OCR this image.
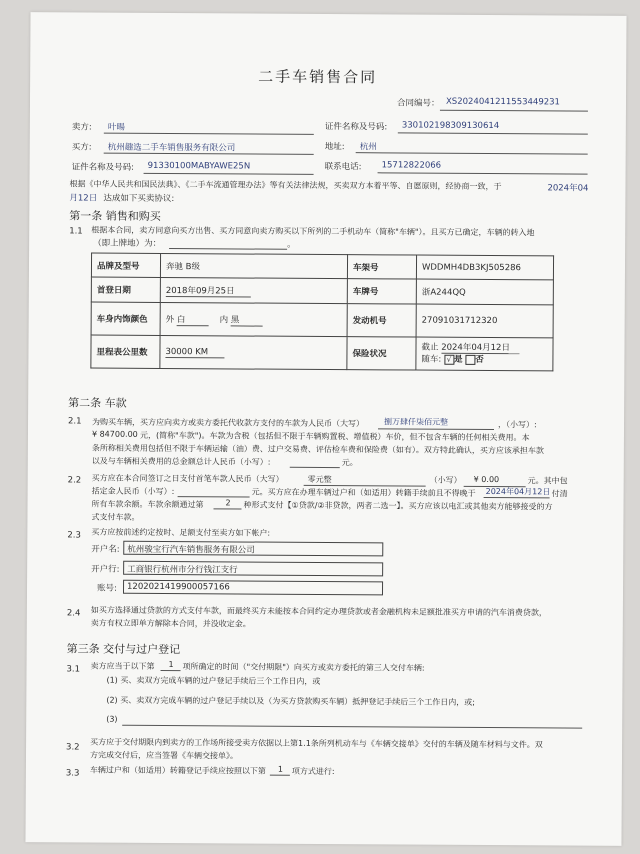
二手车销售合同
合同编号： XS2024041211553449231
卖方: 叶暘	证件名称及号码: 330102198309130614
买方: 杭州趣选二手车销售服务有限公司	地址: 杭州
证件名称及号码: 91330100MABYAWE25N	联系电话: 15712822066
根据《中华人民共和国民法典》、《二手车流通管理办法》等有关法律法规，买卖双方本着平等、自愿原则，经协商一致，于	2024年04
月12日 达成如下买卖协议:
第一条 销售和购买
1.1 根据本合同，卖方同意向买方出售、买方同意向卖方购买以下所列的二手机动车（简称"车辆"）。且买方已确定，车辆的转入地
（即上牌地）为：	。
品牌及型号	奔驰 B级	车架号	WDDMH4DB3KJ505286
首登日期	2018年09月25日	车牌号	浙A244QQ
车身内饰颜色	外 白 内 黑	发动机号	27091031712320
里程表公里数	30000 KM	保险状况	截止 2024年04月12日
随车: √ 是 否
第二条 车款
2.1 为购买车辆，买方应向卖方或卖方委托代收款方支付的车款为人民币（大写） 捌万肆仟柒佰元整	，（小写）:
¥ 84700.00 元，(简称"车款")。车款为含税（包括但不限于车辆购置税、增值税）车价，但不包含车辆的任何相关费用。本
条所称相关费用包括但不限于车辆运输（油）费、过户交易费、评估检车费和保险费（如有）。双方特此确认，买方应该承担车款
以及与车辆相关费用的总金额总计人民币（小写）:	元。
2.2 买方应在本合同签订之日支付首笔车款人民币（大写）	零元整	（小写） ¥ 0.00	元。其中包
括定金人民币（小写）:	元。买方应在办理车辆过户和（如适用）转籍手续前且不得晚于 2024年04月12日 付清
所有车款余额。车款余额通过第	2 种形式支付【①贷款/②非贷款，两者二选一】。买方应该以电汇或其他卖方能够接受的方
式支付车款。
2.3 买方应按前述约定按时、足额支付至卖方如下帐户:
开户名: 杭州骏宝行汽车销售服务有限公司
开户行: 工商银行杭州市分行钱江支行
账号: 1202021419900057166
2.4 如买方选择通过贷款的方式支付车款，而最终买方未能按本合同约定办理贷款或者金融机构未足额批准买方申请的汽车消费贷款，
卖方有权立即单方解除本合同，并没收定金。
第三条 交付与过户登记
3.1 卖方应当于以下第 1 项所确定的时间（"交付期限"）向买方或卖方委托的第三人交付车辆:
(1) 买、卖双方完成车辆的过户登记手续后三个工作日内，或
(2) 买、卖双方完成车辆的过户登记手续以及（为买方贷款购买车辆）抵押登记手续后三个工作日内，或;
(3)
3.2 买方应于交付期限内到卖方的工作场所接受卖方依据以上第1.1条所列机动车与《车辆交接单》交付的车辆及随车材料与文件。双
方完成交付后，应当签署《车辆交接单》。
3.3 车辆过户和（如适用）转籍登记手续应按照以下第 1 项方式进行:
